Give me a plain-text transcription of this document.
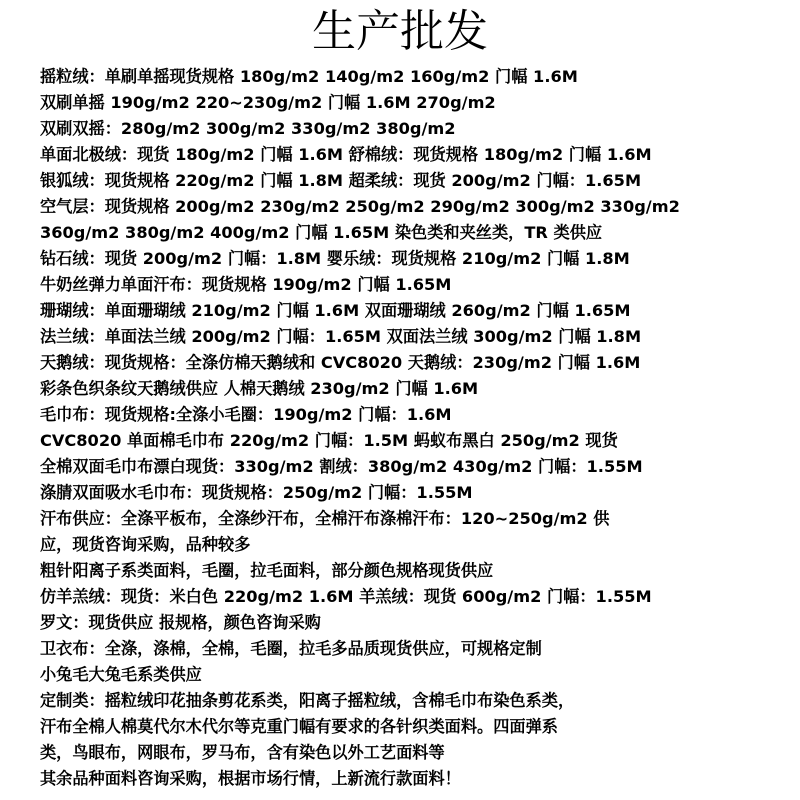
生产批发
摇粒绒：单刷单摇现货规格 180g/m2 140g/m2 160g/m2 门幅 1.6M
双刷单摇 190g/m2 220~230g/m2 门幅 1.6M 270g/m2
双刷双摇：280g/m2 300g/m2 330g/m2 380g/m2
单面北极绒：现货 180g/m2 门幅 1.6M 舒棉绒：现货规格 180g/m2 门幅 1.6M
银狐绒：现货规格 220g/m2 门幅 1.8M 超柔绒：现货 200g/m2 门幅：1.65M
空气层：现货规格 200g/m2 230g/m2 250g/m2 290g/m2 300g/m2 330g/m2
360g/m2 380g/m2 400g/m2 门幅 1.65M 染色类和夹丝类，TR 类供应
钻石绒：现货 200g/m2 门幅：1.8M 婴乐绒：现货规格 210g/m2 门幅 1.8M
牛奶丝弹力单面汗布：现货规格 190g/m2 门幅 1.65M
珊瑚绒：单面珊瑚绒 210g/m2 门幅 1.6M 双面珊瑚绒 260g/m2 门幅 1.65M
法兰绒：单面法兰绒 200g/m2 门幅：1.65M 双面法兰绒 300g/m2 门幅 1.8M
天鹅绒：现货规格：全涤仿棉天鹅绒和 CVC8020 天鹅绒：230g/m2 门幅 1.6M
彩条色织条纹天鹅绒供应 人棉天鹅绒 230g/m2 门幅 1.6M
毛巾布：现货规格:全涤小毛圈：190g/m2 门幅：1.6M
CVC8020 单面棉毛巾布 220g/m2 门幅：1.5M 蚂蚁布黑白 250g/m2 现货
全棉双面毛巾布漂白现货：330g/m2 割绒：380g/m2 430g/m2 门幅：1.55M
涤腈双面吸水毛巾布：现货规格：250g/m2 门幅：1.55M
汗布供应：全涤平板布，全涤纱汗布，全棉汗布涤棉汗布：120~250g/m2 供
应，现货咨询采购，品种较多
粗针阳离子系类面料，毛圈，拉毛面料，部分颜色规格现货供应
仿羊羔绒：现货：米白色 220g/m2 1.6M 羊羔绒：现货 600g/m2 门幅：1.55M
罗文：现货供应 报规格，颜色咨询采购
卫衣布：全涤，涤棉，全棉，毛圈，拉毛多品质现货供应，可规格定制
小兔毛大兔毛系类供应
定制类：摇粒绒印花抽条剪花系类，阳离子摇粒绒，含棉毛巾布染色系类，
汗布全棉人棉莫代尔木代尔等克重门幅有要求的各针织类面料。四面弹系
类，鸟眼布，网眼布，罗马布，含有染色以外工艺面料等
其余品种面料咨询采购，根据市场行情，上新流行款面料！
